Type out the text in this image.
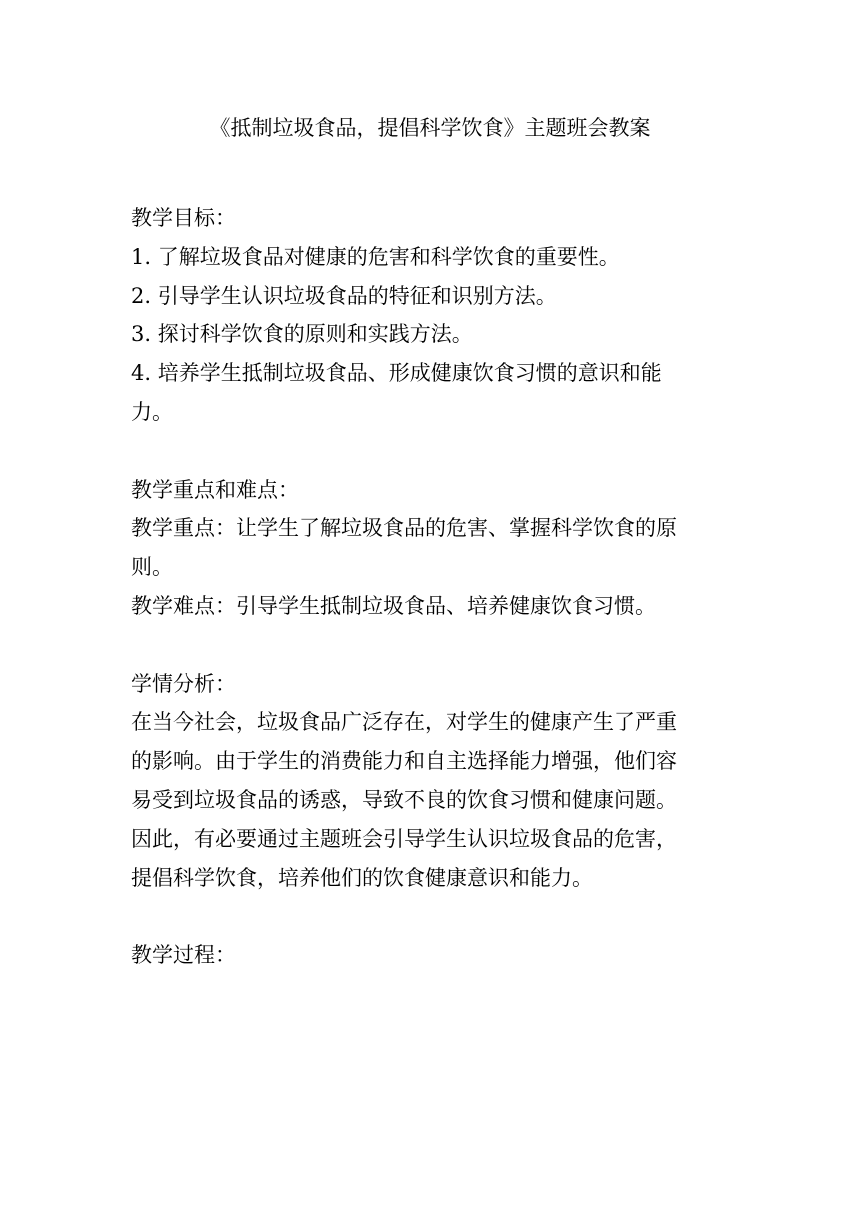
《抵制垃圾食品，提倡科学饮食》主题班会教案
教学目标：
1. 了解垃圾食品对健康的危害和科学饮食的重要性。
2. 引导学生认识垃圾食品的特征和识别方法。
3. 探讨科学饮食的原则和实践方法。
4. 培养学生抵制垃圾食品、形成健康饮食习惯的意识和能
力。
教学重点和难点：
教学重点：让学生了解垃圾食品的危害、掌握科学饮食的原
则。
教学难点：引导学生抵制垃圾食品、培养健康饮食习惯。
学情分析：
在当今社会，垃圾食品广泛存在，对学生的健康产生了严重
的影响。由于学生的消费能力和自主选择能力增强，他们容
易受到垃圾食品的诱惑，导致不良的饮食习惯和健康问题。
因此，有必要通过主题班会引导学生认识垃圾食品的危害，
提倡科学饮食，培养他们的饮食健康意识和能力。
教学过程：
